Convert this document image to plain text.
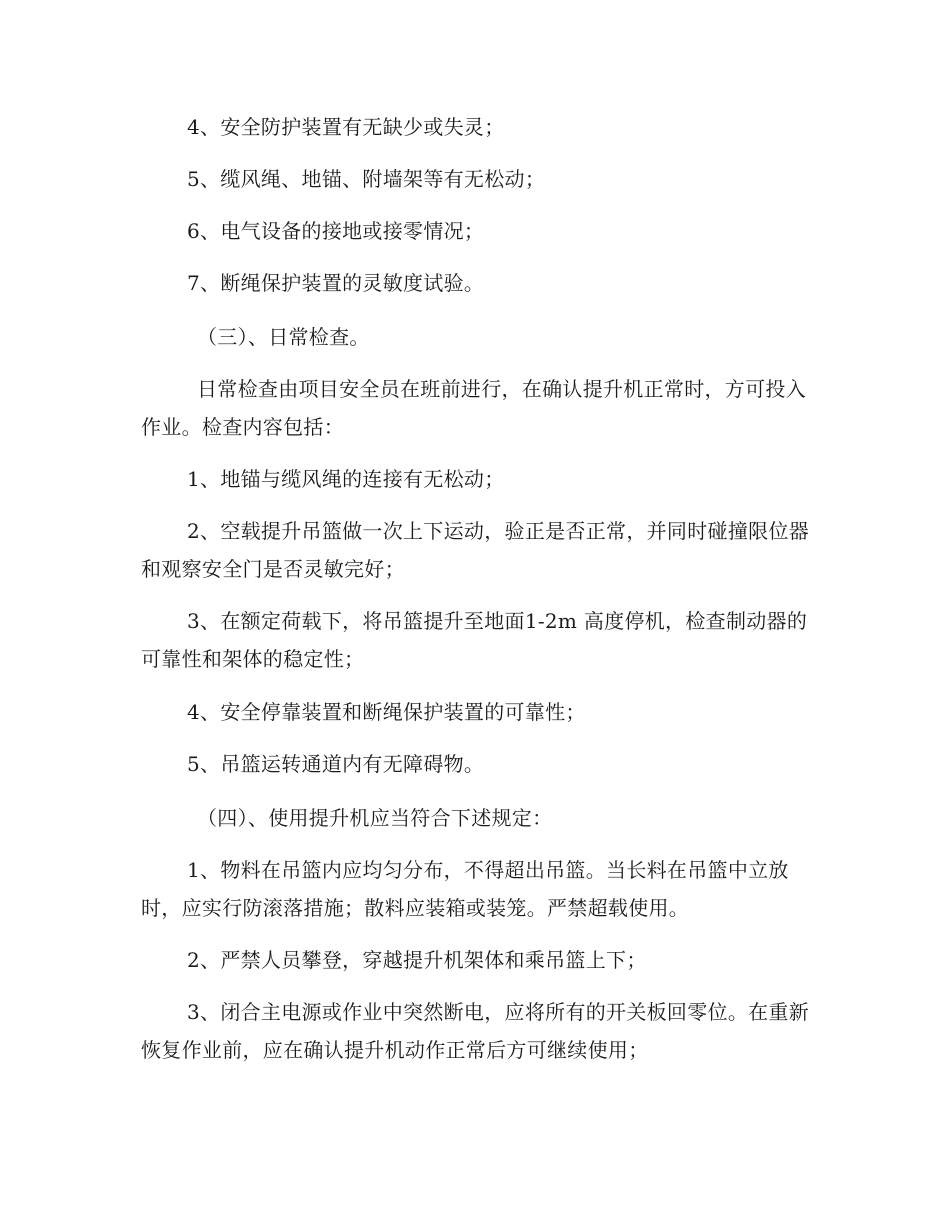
4、安全防护装置有无缺少或失灵；

5、缆风绳、地锚、附墙架等有无松动；

6、电气设备的接地或接零情况；

7、断绳保护装置的灵敏度试验。

（三）、日常检查。

日常检查由项目安全员在班前进行，在确认提升机正常时，方可投入作业。检查内容包括：

1、地锚与缆风绳的连接有无松动；

2、空载提升吊篮做一次上下运动，验正是否正常，并同时碰撞限位器和观察安全门是否灵敏完好；

3、在额定荷载下，将吊篮提升至地面1-2m 高度停机，检查制动器的可靠性和架体的稳定性；

4、安全停靠装置和断绳保护装置的可靠性；

5、吊篮运转通道内有无障碍物。

（四）、使用提升机应当符合下述规定：

1、物料在吊篮内应均匀分布，不得超出吊篮。当长料在吊篮中立放时，应实行防滚落措施；散料应装箱或装笼。严禁超载使用。

2、严禁人员攀登，穿越提升机架体和乘吊篮上下；

3、闭合主电源或作业中突然断电，应将所有的开关板回零位。在重新恢复作业前，应在确认提升机动作正常后方可继续使用；
